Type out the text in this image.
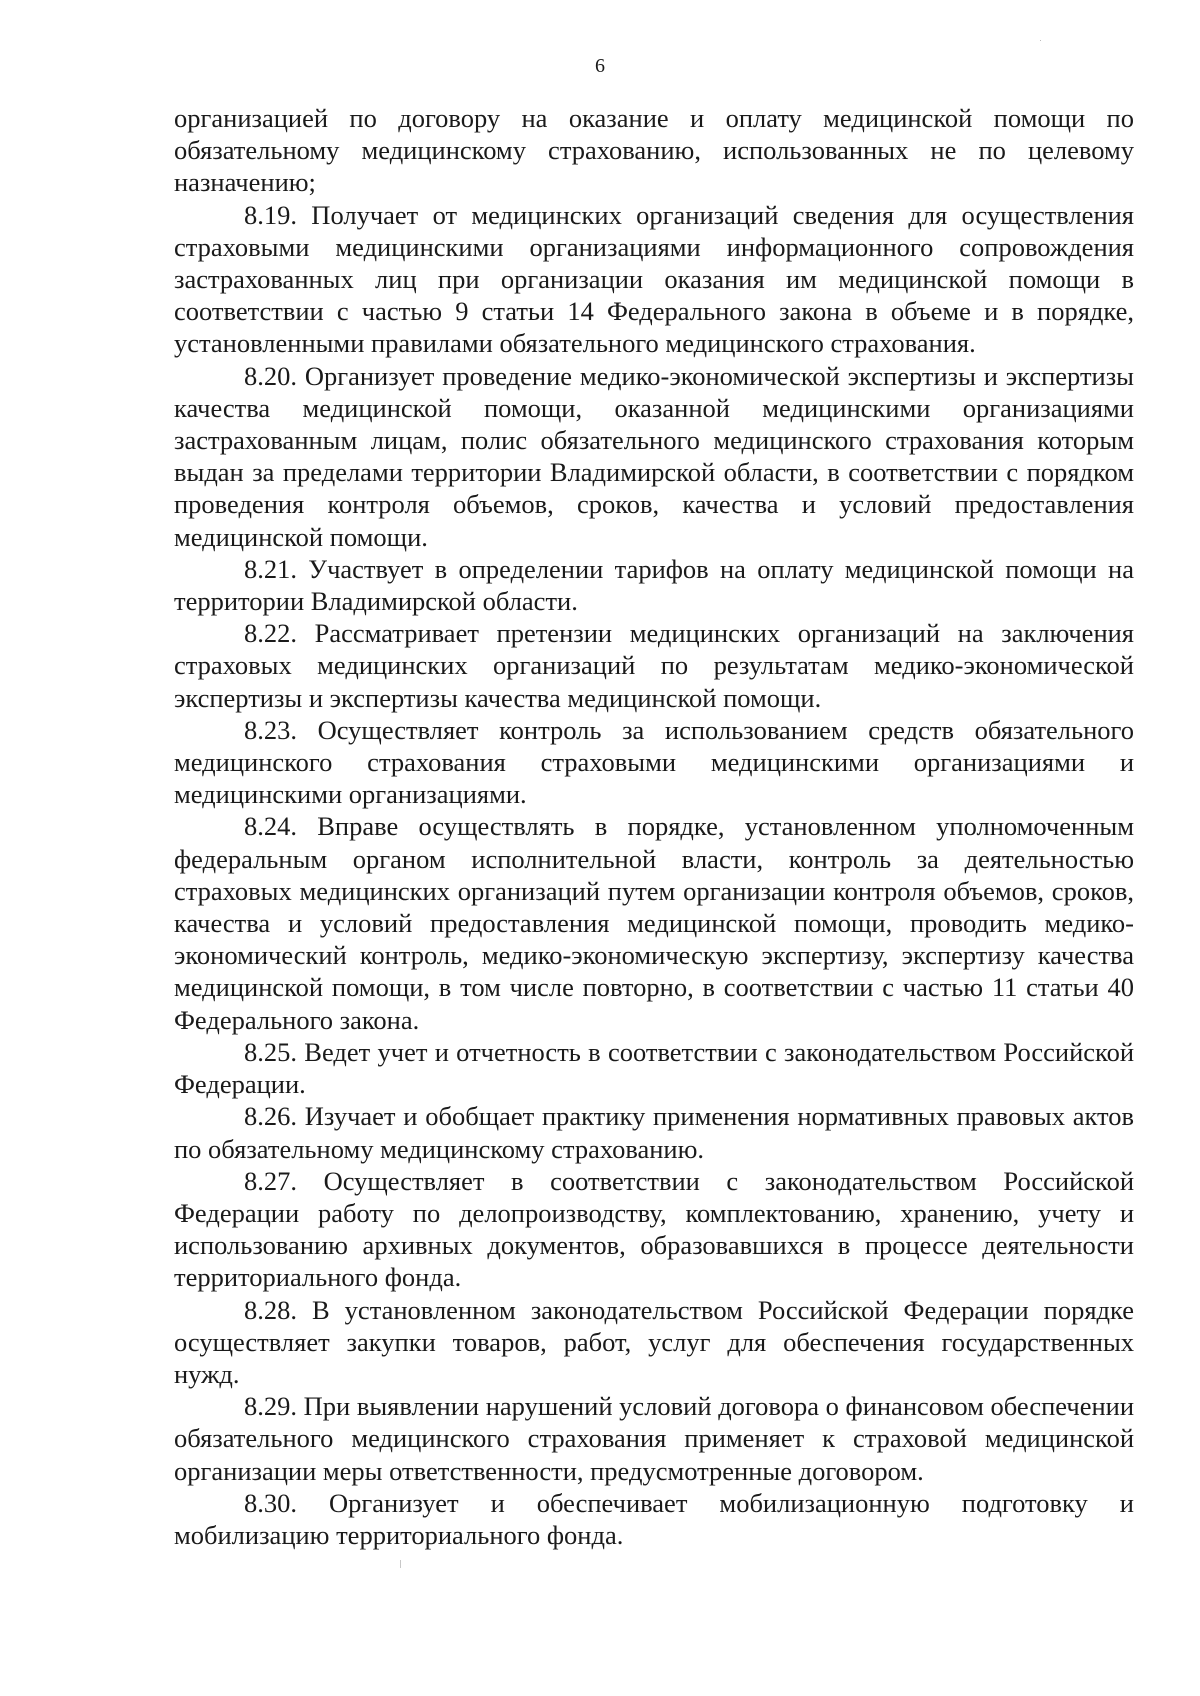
6

организацией по договору на оказание и оплату медицинской помощи по обязательному медицинскому страхованию, использованных не по целевому назначению;

8.19. Получает от медицинских организаций сведения для осуществления страховыми медицинскими организациями информационного сопровождения застрахованных лиц при организации оказания им медицинской помощи в соответствии с частью 9 статьи 14 Федерального закона в объеме и в порядке, установленными правилами обязательного медицинского страхования.

8.20. Организует проведение медико-экономической экспертизы и экспертизы качества медицинской помощи, оказанной медицинскими организациями застрахованным лицам, полис обязательного медицинского страхования которым выдан за пределами территории Владимирской области, в соответствии с порядком проведения контроля объемов, сроков, качества и условий предоставления медицинской помощи.

8.21. Участвует в определении тарифов на оплату медицинской помощи на территории Владимирской области.

8.22. Рассматривает претензии медицинских организаций на заключения страховых медицинских организаций по результатам медико-экономической экспертизы и экспертизы качества медицинской помощи.

8.23. Осуществляет контроль за использованием средств обязательного медицинского страхования страховыми медицинскими организациями и медицинскими организациями.

8.24. Вправе осуществлять в порядке, установленном уполномоченным федеральным органом исполнительной власти, контроль за деятельностью страховых медицинских организаций путем организации контроля объемов, сроков, качества и условий предоставления медицинской помощи, проводить медико-экономический контроль, медико-экономическую экспертизу, экспертизу качества медицинской помощи, в том числе повторно, в соответствии с частью 11 статьи 40 Федерального закона.

8.25. Ведет учет и отчетность в соответствии с законодательством Российской Федерации.

8.26. Изучает и обобщает практику применения нормативных правовых актов по обязательному медицинскому страхованию.

8.27. Осуществляет в соответствии с законодательством Российской Федерации работу по делопроизводству, комплектованию, хранению, учету и использованию архивных документов, образовавшихся в процессе деятельности территориального фонда.

8.28. В установленном законодательством Российской Федерации порядке осуществляет закупки товаров, работ, услуг для обеспечения государственных нужд.

8.29. При выявлении нарушений условий договора о финансовом обеспечении обязательного медицинского страхования применяет к страховой медицинской организации меры ответственности, предусмотренные договором.

8.30. Организует и обеспечивает мобилизационную подготовку и мобилизацию территориального фонда.
